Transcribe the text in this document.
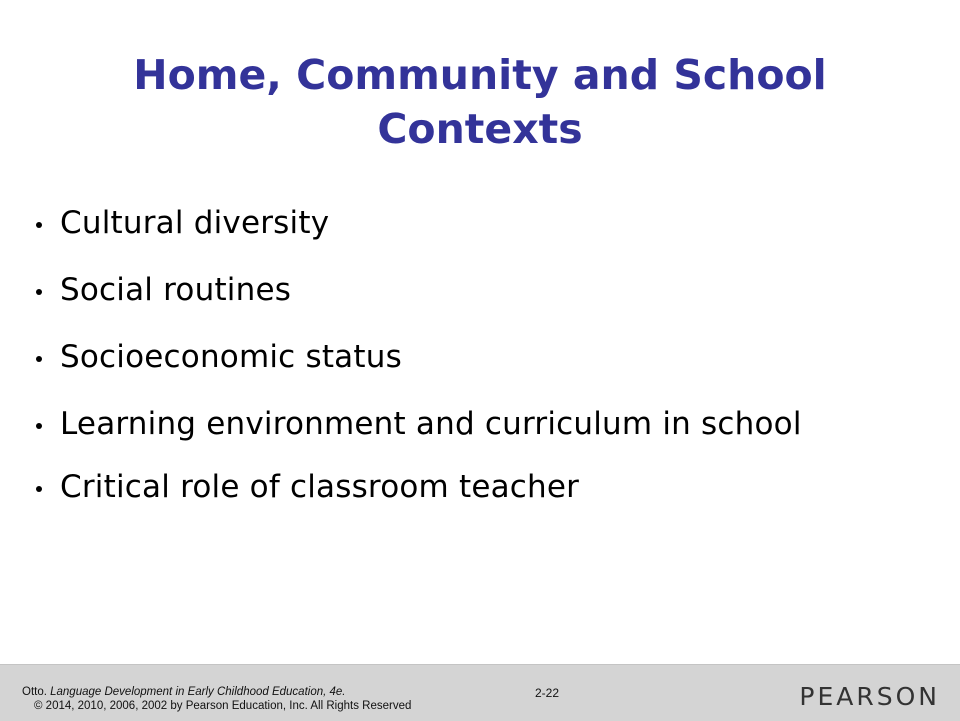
Home, Community and School
Contexts
Cultural diversity
Social routines
Socioeconomic status
Learning environment and curriculum in school
Critical role of classroom teacher
Otto. Language Development in Early Childhood Education, 4e.
© 2014, 2010, 2006, 2002 by Pearson Education, Inc. All Rights Reserved
2-22	PEARSON
